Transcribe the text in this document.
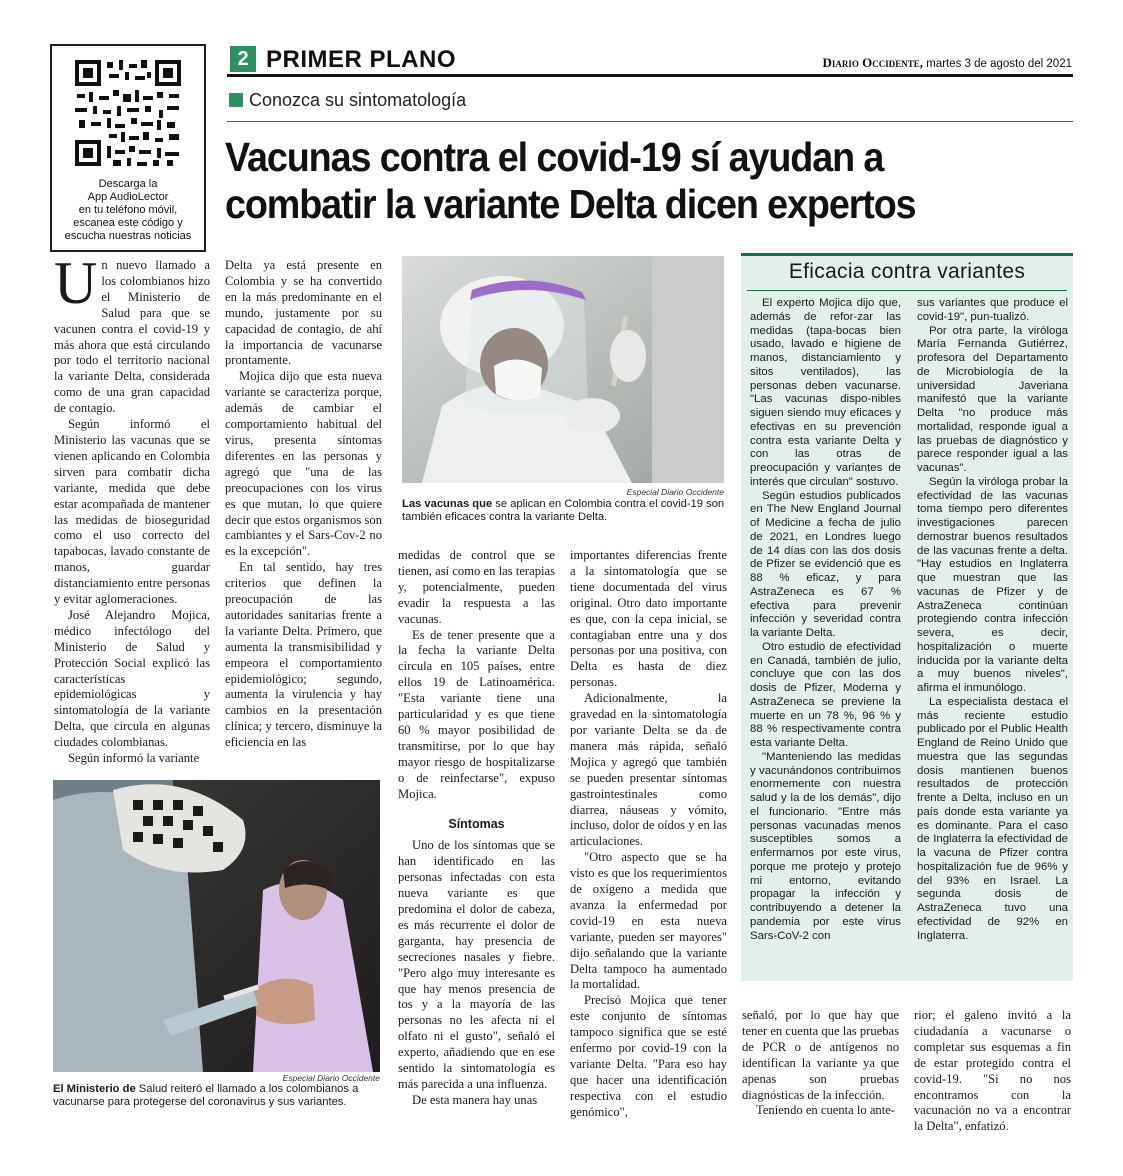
Descarga la
App AudioLector
en tu teléfono móvil,
escanea este código y
escucha nuestras noticias
2 PRIMER PLANO	Diario Occidente, martes 3 de agosto del 2021
Conozca su sintomatología
Vacunas contra el covid-19 sí ayudan a
combatir la variante Delta dicen expertos

Un nuevo llamado a los colombianos hizo el Ministerio de Salud para que se vacunen contra el covid-19 y más ahora que está circulando por todo el territorio nacional la variante Delta, considerada como de una gran capacidad de contagio.

Según informó el Ministerio las vacunas que se vienen aplicando en Colombia sirven para combatir dicha variante, medida que debe estar acompañada de mantener las medidas de bioseguridad como el uso correcto del tapabocas, lavado constante de manos, guardar distanciamiento entre personas y evitar aglomeraciones.

José Alejandro Mojica, médico infectólogo del Ministerio de Salud y Protección Social explicó las características epidemiológicas y sintomatología de la variante Delta, que circula en algunas ciudades colombianas.

Según informó la variante

Delta ya está presente en Colombia y se ha convertido en la más predominante en el mundo, justamente por su capacidad de contagio, de ahí la importancia de vacunarse prontamente.

Mojica dijo que esta nueva variante se caracteriza porque, además de cambiar el comportamiento habitual del virus, presenta síntomas diferentes en las personas y agregó que "una de las preocupaciones con los virus es que mutan, lo que quiere decir que estos organismos son cambiantes y el Sars-Cov-2 no es la excepción".

En tal sentido, hay tres criterios que definen la preocupación de las autoridades sanitarias frente a la variante Delta. Primero, que aumenta la transmisibilidad y empeora el comportamiento epidemiológico; segundo, aumenta la virulencia y hay cambios en la presentación clínica; y tercero, disminuye la eficiencia en las

Especial Diario Occidente
Las vacunas que se aplican en Colombia contra el covid-19 son también eficaces contra la variante Delta.

medidas de control que se tienen, así como en las terapias y, potencialmente, pueden evadir la respuesta a las vacunas.

Es de tener presente que a la fecha la variante Delta circula en 105 países, entre ellos 19 de Latinoamérica. "Esta variante tiene una particularidad y es que tiene 60 % mayor posibilidad de transmitirse, por lo que hay mayor riesgo de hospitalizarse o de reinfectarse", expuso Mojica.

Síntomas

Uno de los síntomas que se han identificado en las personas infectadas con esta nueva variante es que predomina el dolor de cabeza, es más recurrente el dolor de garganta, hay presencia de secreciones nasales y fiebre. "Pero algo muy interesante es que hay menos presencia de tos y a la mayoría de las personas no les afecta ni el olfato ni el gusto", señaló el experto, añadiendo que en ese sentido la sintomatología es más parecida a una influenza.

De esta manera hay unas

importantes diferencias frente a la sintomatología que se tiene documentada del virus original. Otro dato importante es que, con la cepa inicial, se contagiaban entre una y dos personas por una positiva, con Delta es hasta de diez personas.

Adicionalmente, la gravedad en la sintomatología por variante Delta se da de manera más rápida, señaló Mojica y agregó que también se pueden presentar síntomas gastrointestinales como diarrea, náuseas y vómito, incluso, dolor de oídos y en las articulaciones.

"Otro aspecto que se ha visto es que los requerimientos de oxígeno a medida que avanza la enfermedad por covid-19 en esta nueva variante, pueden ser mayores" dijo señalando que la variante Delta tampoco ha aumentado la mortalidad.

Precisó Mojica que tener este conjunto de síntomas tampoco significa que se esté enfermo por covid-19 con la variante Delta. "Para eso hay que hacer una identificación respectiva con el estudio genómico",

Especial Diario Occidente
El Ministerio de Salud reiteró el llamado a los colombianos a vacunarse para protegerse del coronavirus y sus variantes.
Eficacia contra variantes

El experto Mojica dijo que, además de refor-zar las medidas (tapa-bocas bien usado, lavado e higiene de manos, distanciamiento y sitos ventilados), las personas deben vacunarse. "Las vacunas dispo-nibles siguen siendo muy eficaces y efectivas en su prevención contra esta variante Delta y con las otras de preocupación y variantes de interés que circulan" sostuvo.

Según estudios publicados en The New England Journal of Medicine a fecha de julio de 2021, en Londres luego de 14 días con las dos dosis de Pfizer se evidenció que es 88 % eficaz, y para AstraZeneca es 67 % efectiva para prevenir infección y severidad contra la variante Delta.

Otro estudio de efectividad en Canadá, también de julio, concluye que con las dos dosis de Pfizer, Moderna y AstraZeneca se previene la muerte en un 78 %, 96 % y 88 % respectivamente contra esta variante Delta.

"Manteniendo las medidas y vacunándonos contribuimos enormemente con nuestra salud y la de los demás", dijo el funcionario. "Entre más personas vacunadas menos susceptibles somos a enfermarnos por este virus, porque me protejo y protejo mi entorno, evitando propagar la infección y contribuyendo a detener la pandemia por este virus Sars-CoV-2 con

sus variantes que produce el covid-19", pun-tualizó.

Por otra parte, la viróloga María Fernanda Gutiérrez, profesora del Departamento de Microbiología de la universidad Javeriana manifestó que la variante Delta "no produce más mortalidad, responde igual a las pruebas de diagnóstico y parece responder igual a las vacunas".

Según la viróloga probar la efectividad de las vacunas toma tiempo pero diferentes investigaciones parecen demostrar buenos resultados de las vacunas frente a delta. "Hay estudios en Inglaterra que muestran que las vacunas de Pfizer y de AstraZeneca continúan protegiendo contra infección severa, es decir, hospitalización o muerte inducida por la variante delta a muy buenos niveles", afirma el inmunólogo.

La especialista destaca el más reciente estudio publicado por el Public Health England de Reino Unido que muestra que las segundas dosis mantienen buenos resultados de protección frente a Delta, incluso en un país donde esta variante ya es dominante. Para el caso de Inglaterra la efectividad de la vacuna de Pfizer contra hospitalización fue de 96% y del 93% en Israel. La segunda dosis de AstraZeneca tuvo una efectividad de 92% en Inglaterra.

señaló, por lo que hay que tener en cuenta que las pruebas de PCR o de antígenos no identifican la variante ya que apenas son pruebas diagnósticas de la infección.

Teniendo en cuenta lo ante-

rior; el galeno invitó a la ciudadanía a vacunarse o completar sus esquemas a fin de estar protegido contra el covid-19. "Si no nos encontramos con la vacunación no va a encontrar la Delta", enfatizó.
